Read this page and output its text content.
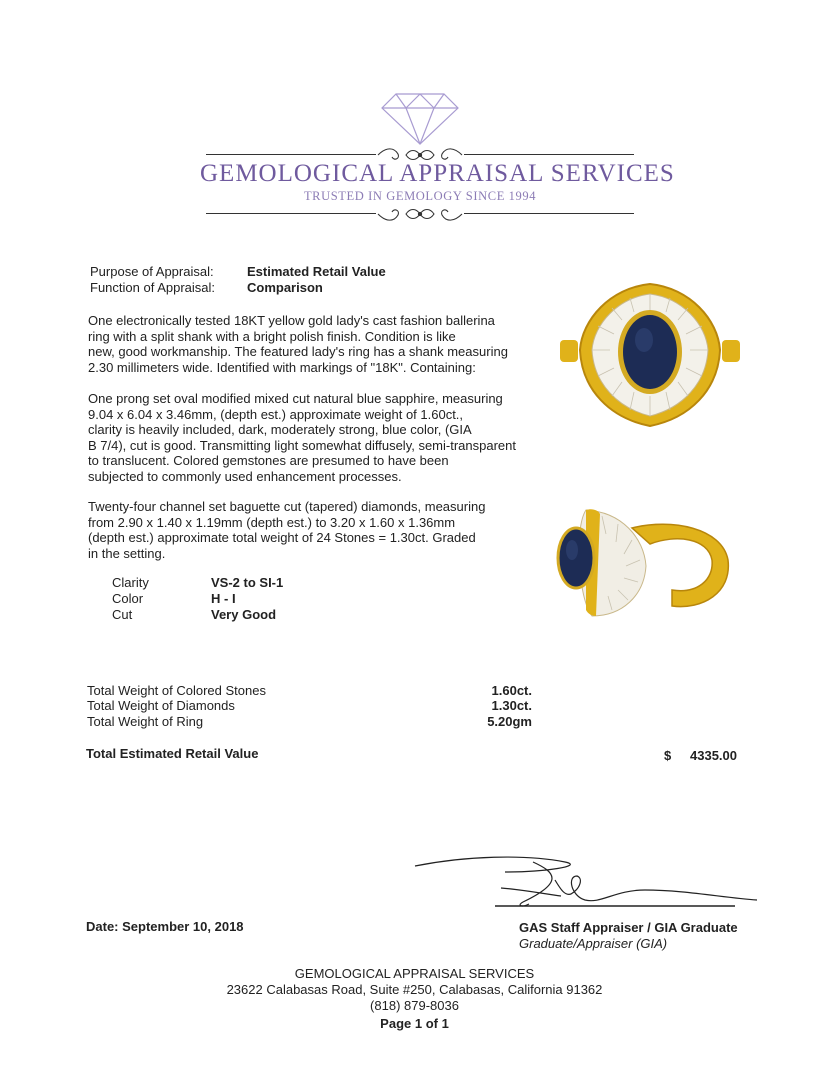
GEMOLOGICAL APPRAISAL SERVICES
TRUSTED IN GEMOLOGY SINCE 1994
Purpose of Appraisal:	Estimated Retail Value
Function of Appraisal: Comparison
One electronically tested 18KT yellow gold lady's cast fashion ballerina
ring with a split shank with a bright polish finish. Condition is like
new, good workmanship. The featured lady's ring has a shank measuring
2.30 millimeters wide. Identified with markings of "18K". Containing:
One prong set oval modified mixed cut natural blue sapphire, measuring
9.04 x 6.04 x 3.46mm, (depth est.) approximate weight of 1.60ct.,
clarity is heavily included, dark, moderately strong, blue color, (GIA
B 7/4), cut is good. Transmitting light somewhat diffusely, semi-transparent
to translucent. Colored gemstones are presumed to have been
subjected to commonly used enhancement processes.
Twenty-four channel set baguette cut (tapered) diamonds, measuring
from 2.90 x 1.40 x 1.19mm (depth est.) to 3.20 x 1.60 x 1.36mm
(depth est.) approximate total weight of 24 Stones = 1.30ct. Graded
in the setting.
Clarity	VS-2 to SI-1
Color	H - I
Cut	Very Good
Total Weight of Colored Stones	1.60ct.
Total Weight of Diamonds	1.30ct.
Total Weight of Ring	5.20gm
Total Estimated Retail Value	$	4335.00
Date: September 10, 2018	GAS Staff Appraiser / GIA Graduate
Graduate/Appraiser (GIA)
GEMOLOGICAL APPRAISAL SERVICES
23622 Calabasas Road, Suite #250, Calabasas, California 91362
(818) 879-8036
Page 1 of 1
